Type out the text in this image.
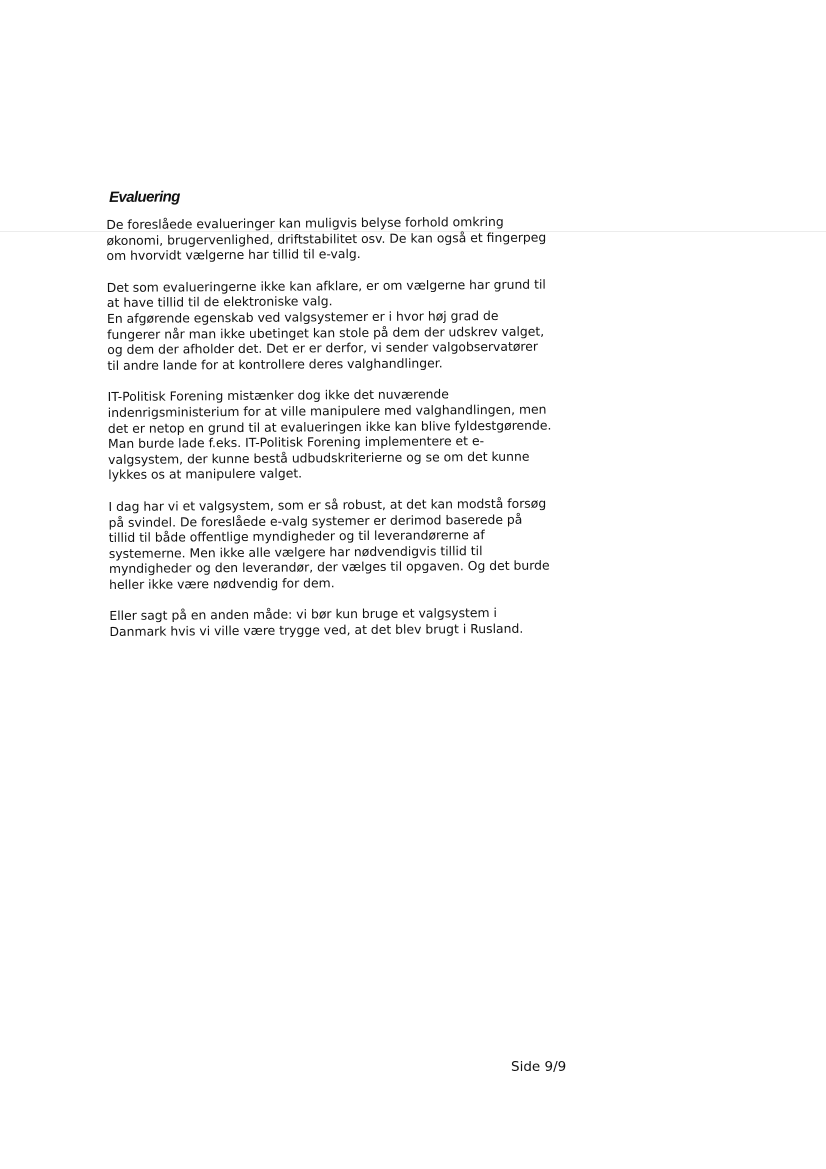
Evaluering
De foreslåede evalueringer kan muligvis belyse forhold omkring
økonomi, brugervenlighed, driftstabilitet osv. De kan også et fingerpeg
om hvorvidt vælgerne har tillid til e-valg.
Det som evalueringerne ikke kan afklare, er om vælgerne har grund til
at have tillid til de elektroniske valg.
En afgørende egenskab ved valgsystemer er i hvor høj grad de
fungerer når man ikke ubetinget kan stole på dem der udskrev valget,
og dem der afholder det. Det er er derfor, vi sender valgobservatører
til andre lande for at kontrollere deres valghandlinger.
IT-Politisk Forening mistænker dog ikke det nuværende
indenrigsministerium for at ville manipulere med valghandlingen, men
det er netop en grund til at evalueringen ikke kan blive fyldestgørende.
Man burde lade f.eks. IT-Politisk Forening implementere et e-
valgsystem, der kunne bestå udbudskriterierne og se om det kunne
lykkes os at manipulere valget.
I dag har vi et valgsystem, som er så robust, at det kan modstå forsøg
på svindel. De foreslåede e-valg systemer er derimod baserede på
tillid til både offentlige myndigheder og til leverandørerne af
systemerne. Men ikke alle vælgere har nødvendigvis tillid til
myndigheder og den leverandør, der vælges til opgaven. Og det burde
heller ikke være nødvendig for dem.
Eller sagt på en anden måde: vi bør kun bruge et valgsystem i
Danmark hvis vi ville være trygge ved, at det blev brugt i Rusland.
Side 9/9
